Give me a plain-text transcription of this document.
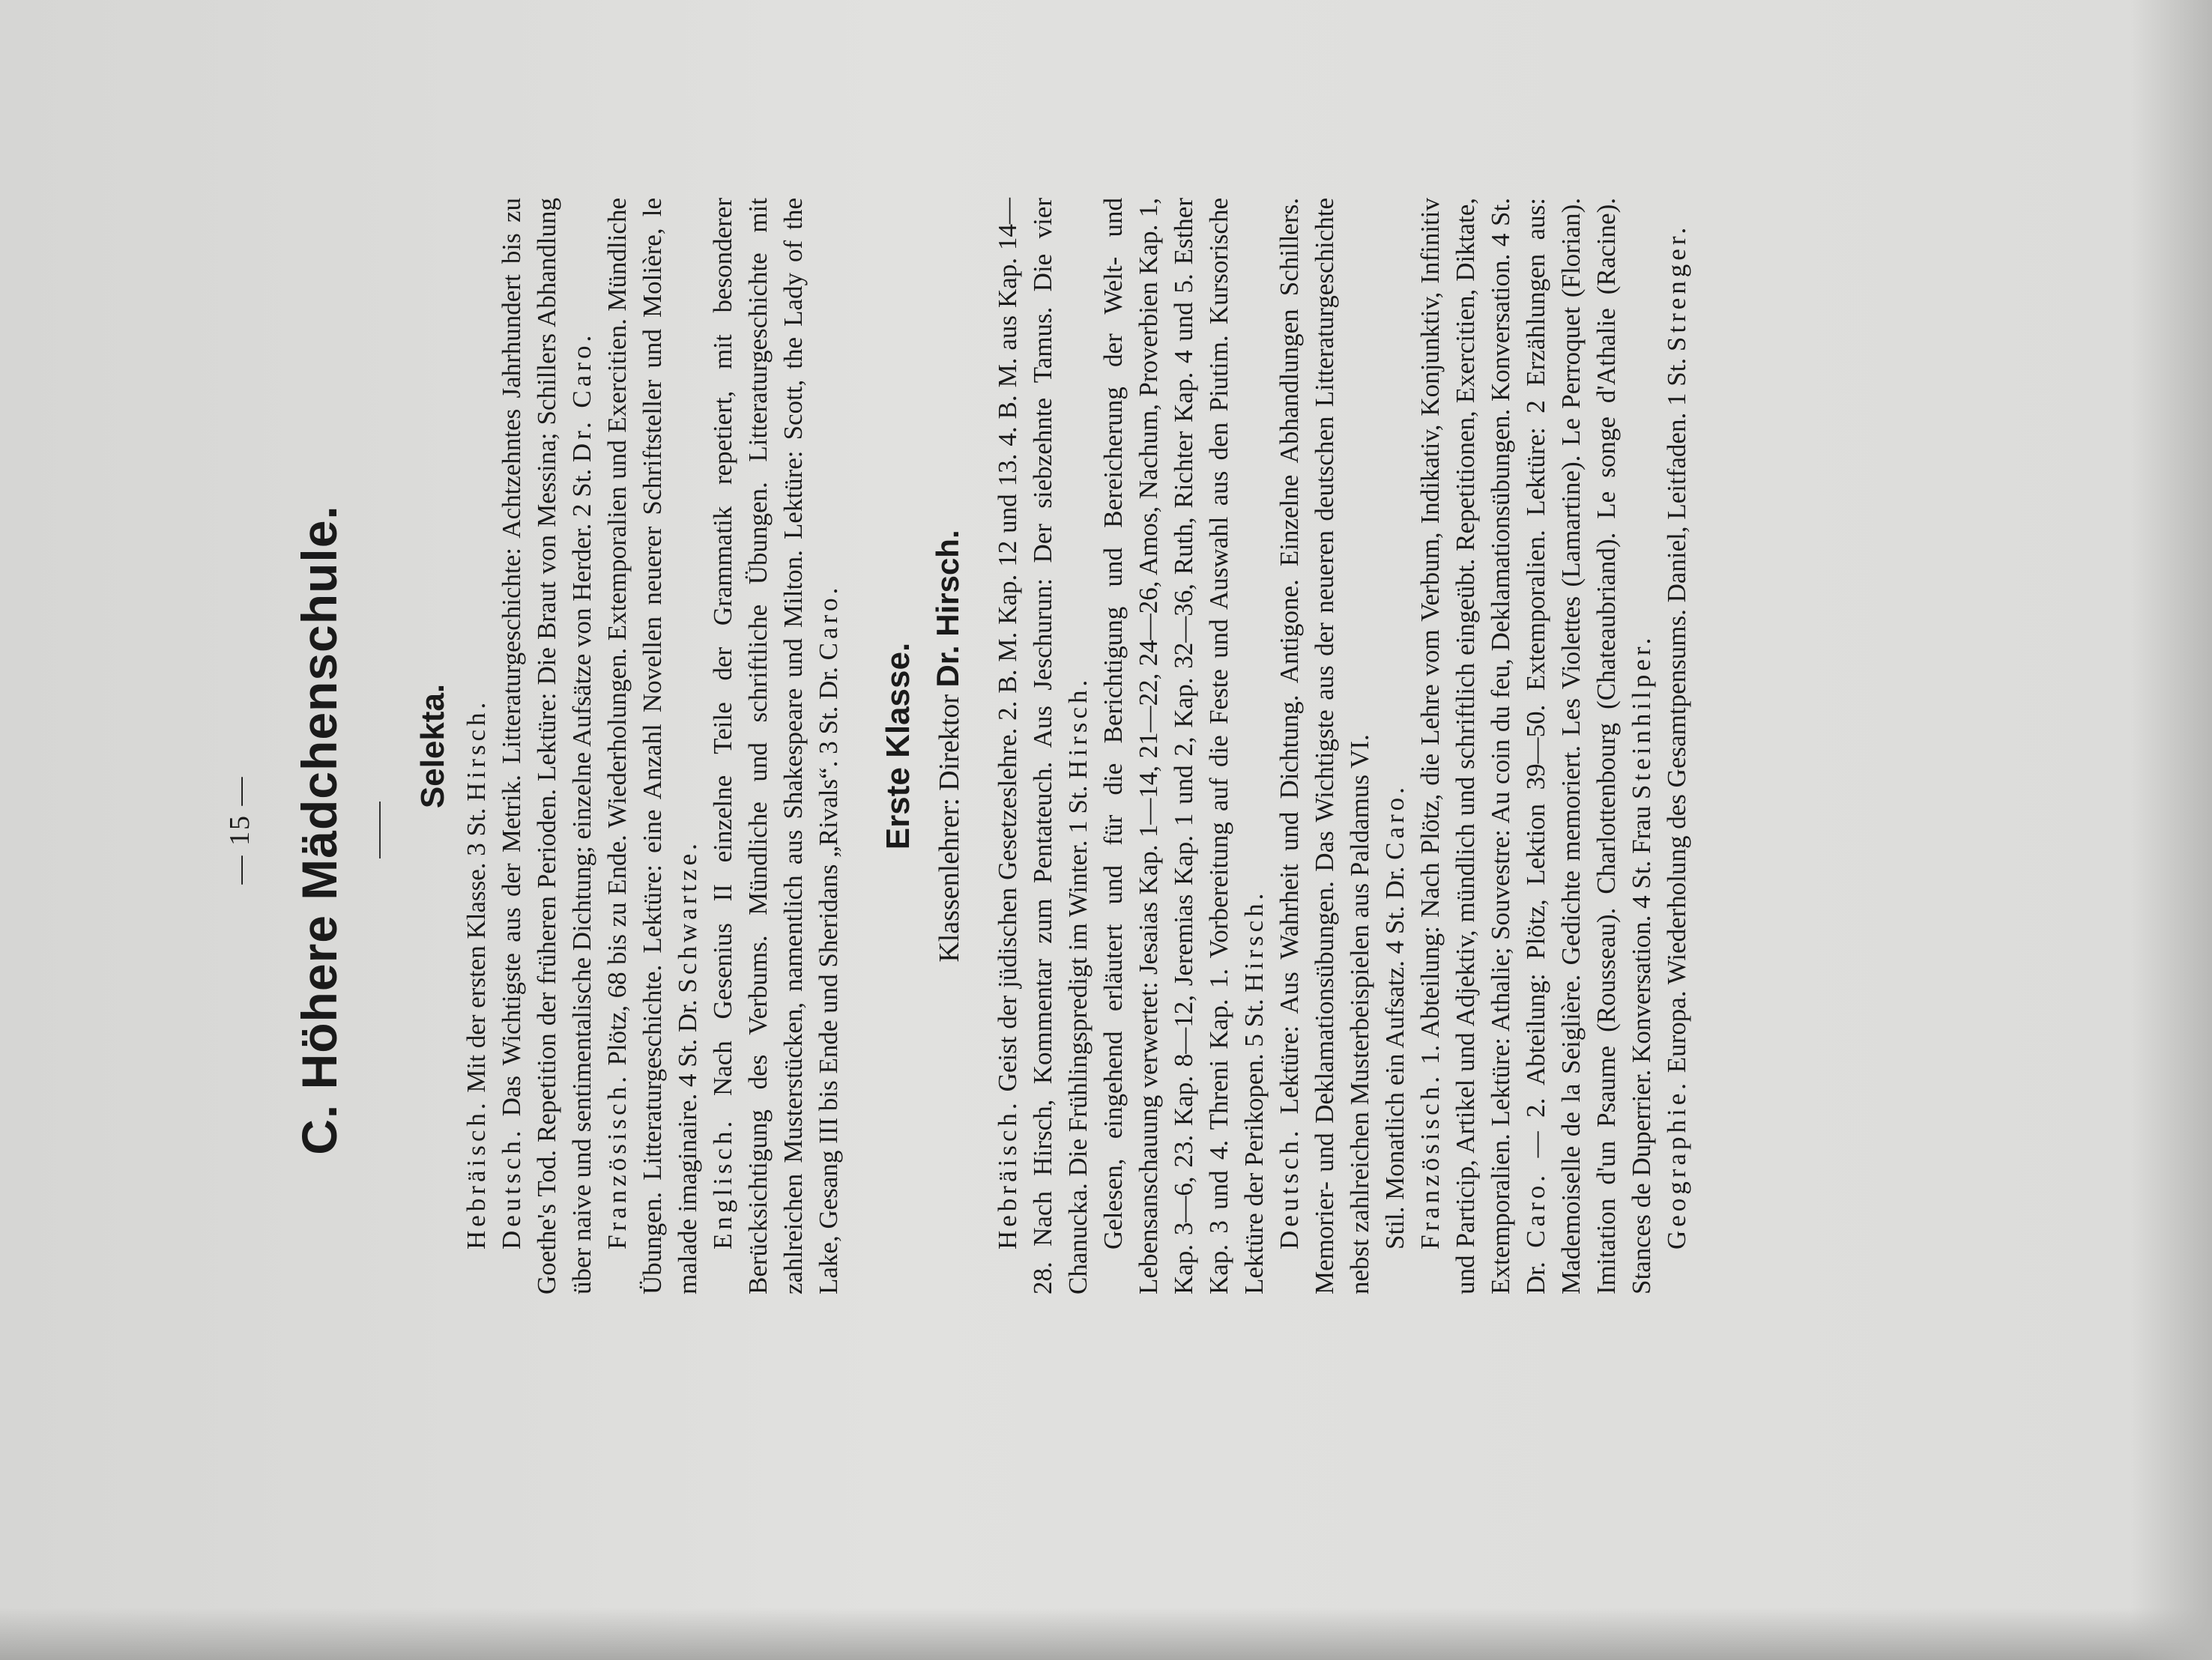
— 15 — C. Höhere Mädchenschule. Selekta.

Hebräisch. Mit der ersten Klasse. 3 St. Hirsch.

Deutsch. Das Wichtigste aus der Metrik. Litteraturgeschichte: Achtzehntes Jahrhundert bis zu Goethe's Tod. Repetition der früheren Perioden. Lektüre: Die Braut von Messina; Schillers Abhandlung über naive und sentimentalische Dichtung; einzelne Aufsätze von Herder. 2 St. Dr. Caro.

Französisch. Plötz, 68 bis zu Ende. Wiederholungen. Extemporalien und Exercitien. Mündliche Übungen. Litteraturgeschichte. Lektüre: eine Anzahl Novellen neuerer Schriftsteller und Molière, le malade imaginaire. 4 St. Dr. Schwartze.

Englisch. Nach Gesenius II einzelne Teile der Grammatik repetiert, mit besonderer Berücksichtigung des Verbums. Mündliche und schriftliche Übungen. Litteraturgeschichte mit zahlreichen Musterstücken, namentlich aus Shakespeare und Milton. Lektüre: Scott, the Lady of the Lake, Gesang III bis Ende und Sheridans „Rivals“. 3 St. Dr. Caro.

Erste Klasse. Klassenlehrer: Direktor Dr. Hirsch.

Hebräisch. Geist der jüdischen Gesetzeslehre. 2. B. M. Kap. 12 und 13. 4. B. M. aus Kap. 14—28. Nach Hirsch, Kommentar zum Pentateuch. Aus Jeschurun: Der siebzehnte Tamus. Die vier Chanucka. Die Frühlingspredigt im Winter. 1 St. Hirsch. Gelesen, eingehend erläutert und für die Berichtigung und Bereicherung der Welt- und Lebensanschauung verwertet: Jesaias Kap. 1—14, 21—22, 24—26, Amos, Nachum, Proverbien Kap. 1, Kap. 3—6, 23. Kap. 8—12, Jeremias Kap. 1 und 2, Kap. 32—36, Ruth, Richter Kap. 4 und 5. Esther Kap. 3 und 4. Threni Kap. 1. Vorbereitung auf die Feste und Auswahl aus den Piutim. Kursorische Lektüre der Perikopen. 5 St. Hirsch.

Deutsch. Lektüre: Aus Wahrheit und Dichtung. Antigone. Einzelne Abhandlungen Schillers. Memorier- und Deklamationsübungen. Das Wichtigste aus der neueren deutschen Litteraturgeschichte nebst zahlreichen Musterbeispielen aus Paldamus VI. Stil. Monatlich ein Aufsatz. 4 St. Dr. Caro.

Französisch. 1. Abteilung: Nach Plötz, die Lehre vom Verbum, Indikativ, Konjunktiv, Infinitiv und Particip, Artikel und Adjektiv, mündlich und schriftlich eingeübt. Repetitionen, Exercitien, Diktate, Extemporalien. Lektüre: Athalie; Souvestre: Au coin du feu, Deklamationsübungen. Konversation. 4 St. Dr. Caro. — 2. Abteilung: Plötz, Lektion 39—50. Extemporalien. Lektüre: 2 Erzählungen aus: Mademoiselle de la Seiglière. Gedichte memoriert. Les Violettes (Lamartine). Le Perroquet (Florian). Imitation d'un Psaume (Rousseau). Charlottenbourg (Chateaubriand). Le songe d'Athalie (Racine). Stances de Duperrier. Konversation. 4 St. Frau Steinhilper.

Geographie. Europa. Wiederholung des Gesamtpensums. Daniel, Leitfaden. 1 St. Strenger.
